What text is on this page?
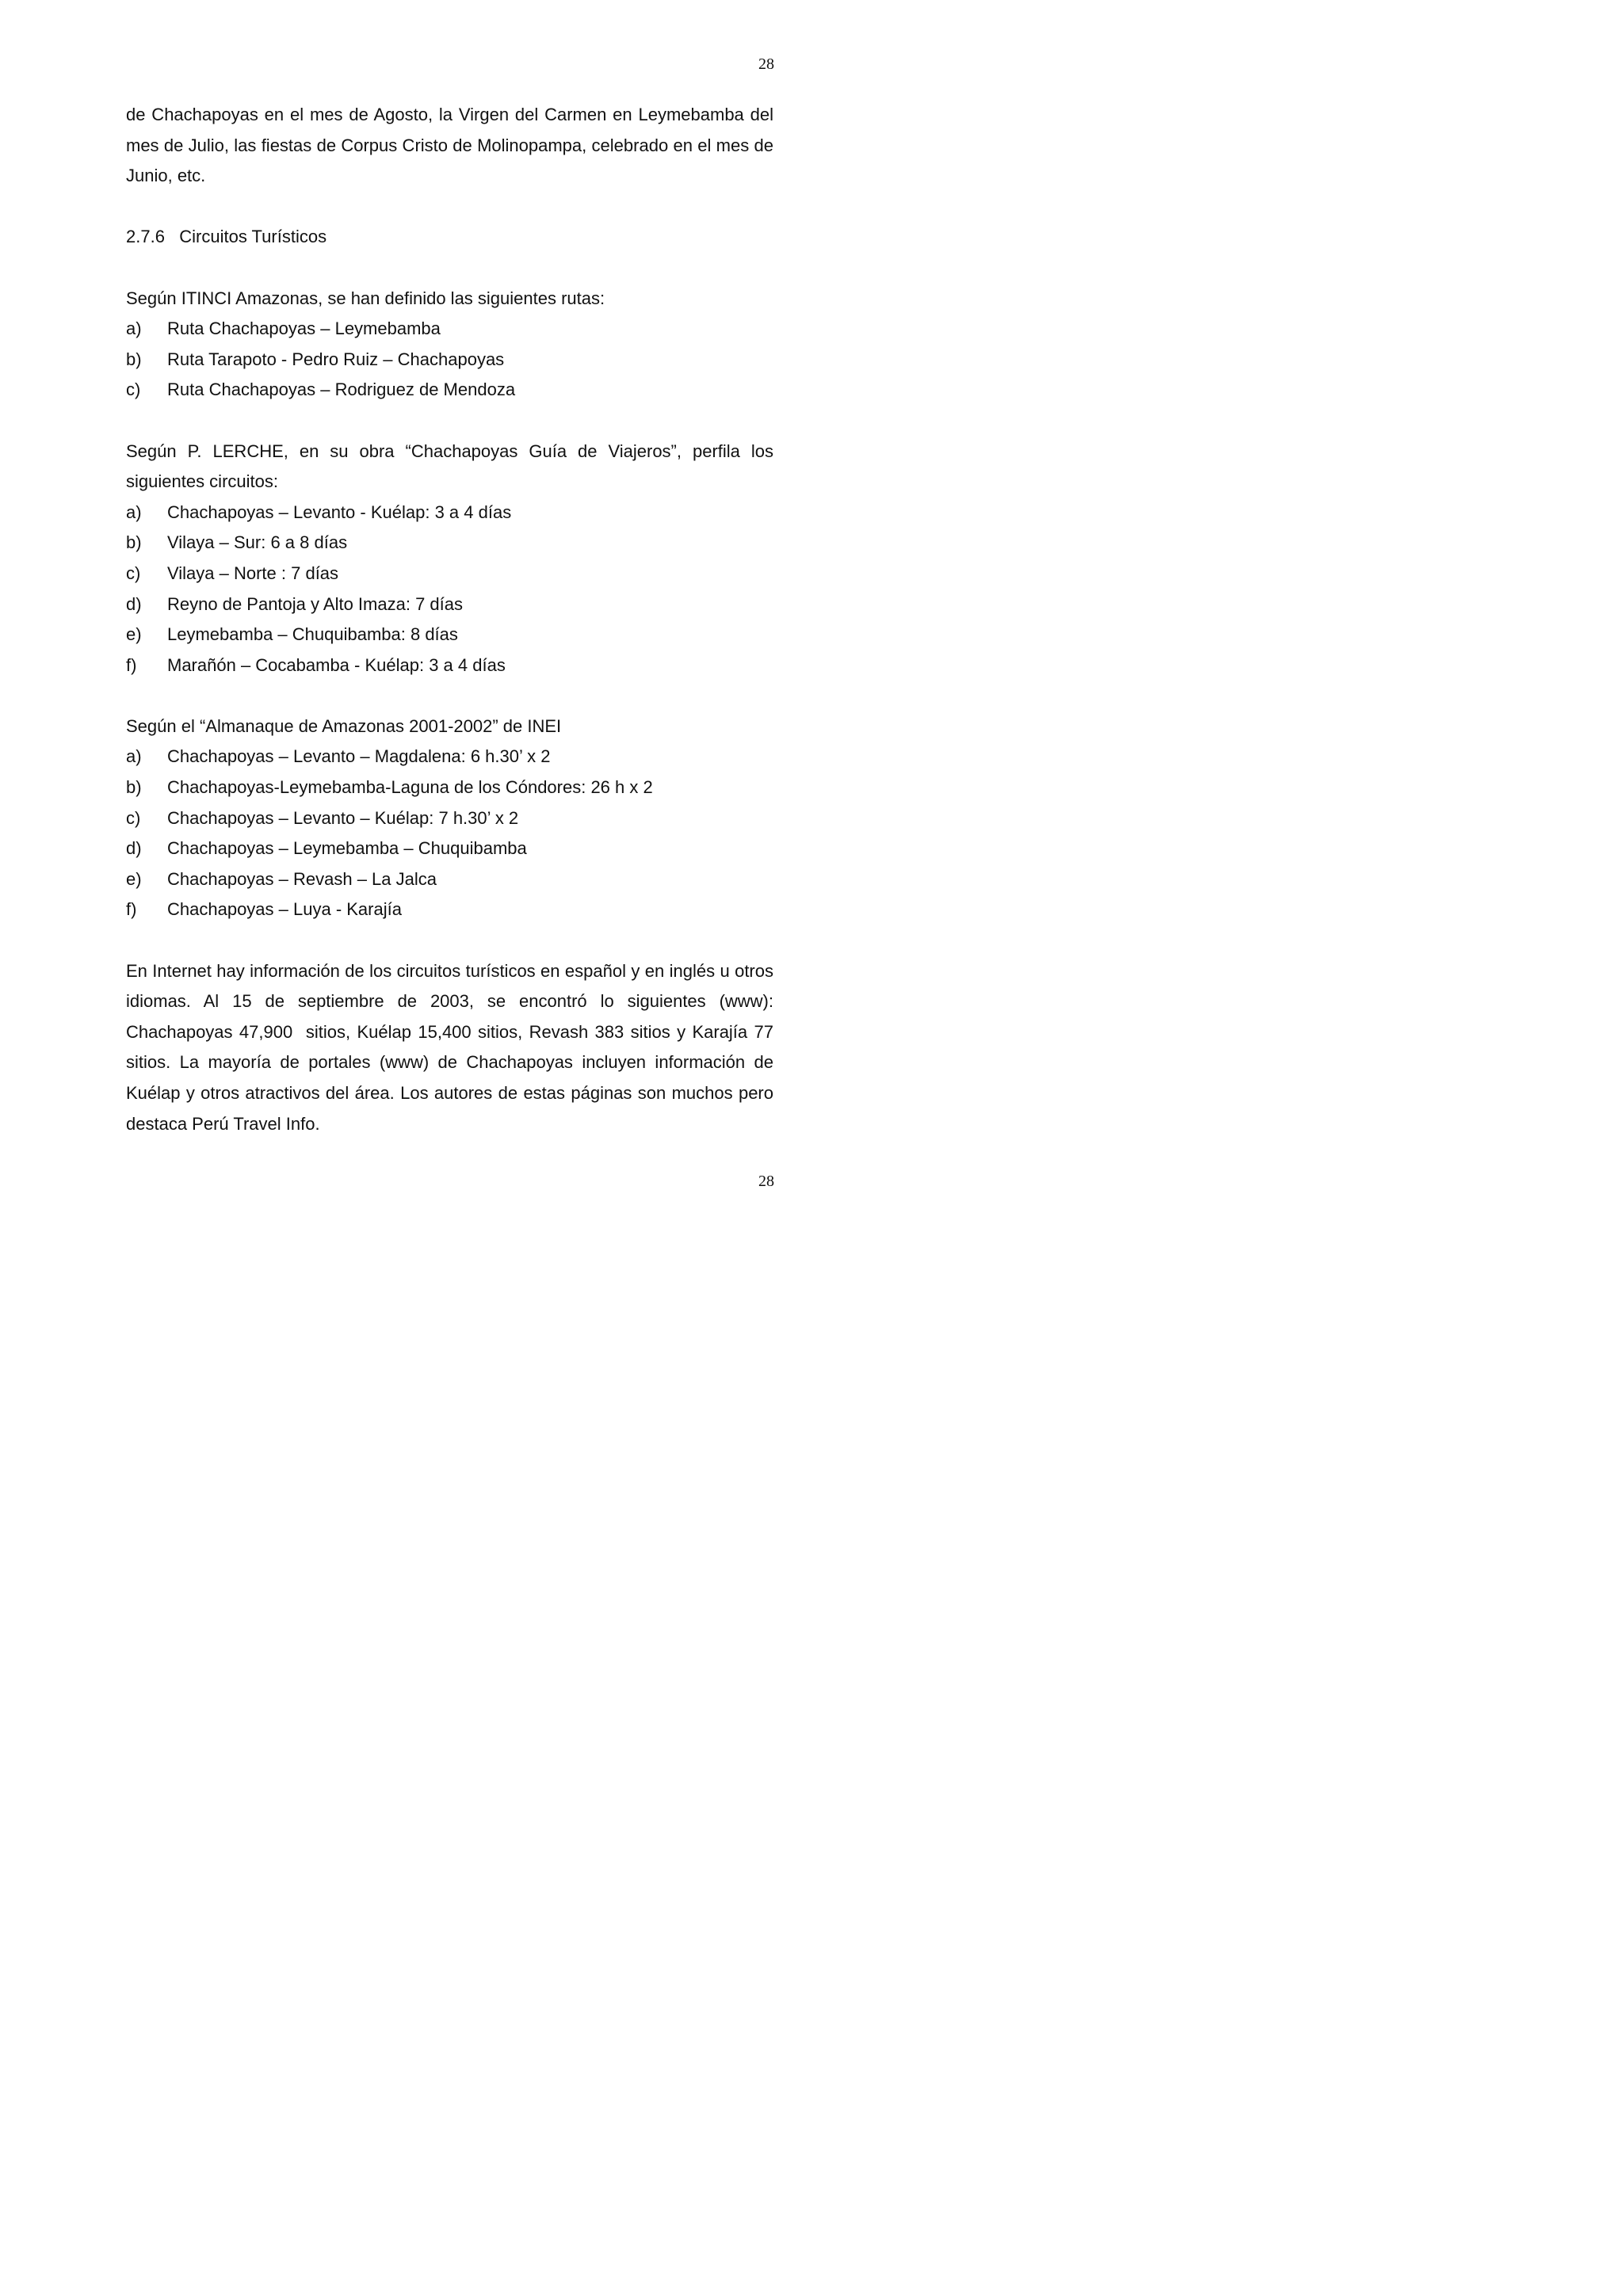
28

de Chachapoyas en el mes de Agosto, la Virgen del Carmen en Leymebamba del mes de Julio, las fiestas de Corpus Cristo de Molinopampa, celebrado en el mes de Junio, etc.

2.7.6   Circuitos Turísticos

Según ITINCI Amazonas, se han definido las siguientes rutas:

a)	Ruta Chachapoyas – Leymebamba
b)	Ruta Tarapoto - Pedro Ruiz – Chachapoyas
c)	Ruta Chachapoyas – Rodriguez de Mendoza

Según P. LERCHE, en su obra “Chachapoyas Guía de Viajeros”, perfila los siguientes circuitos:

a)	Chachapoyas – Levanto - Kuélap: 3 a 4 días
b)	Vilaya – Sur: 6 a 8 días
c)	Vilaya – Norte : 7 días
d)	Reyno de Pantoja y Alto Imaza: 7 días
e)	Leymebamba – Chuquibamba: 8 días
f)	Marañón – Cocabamba - Kuélap: 3 a 4 días

Según el “Almanaque de Amazonas 2001-2002” de INEI

a)	Chachapoyas – Levanto – Magdalena: 6 h.30’ x 2
b)	Chachapoyas-Leymebamba-Laguna de los Cóndores: 26 h x 2
c)	Chachapoyas – Levanto – Kuélap: 7 h.30’ x 2
d)	Chachapoyas – Leymebamba – Chuquibamba
e)	Chachapoyas – Revash – La Jalca
f)	Chachapoyas – Luya - Karajía

En Internet hay información de los circuitos turísticos en español y en inglés u otros idiomas. Al 15 de septiembre de 2003, se encontró lo siguientes (www): Chachapoyas 47,900  sitios, Kuélap 15,400 sitios, Revash 383 sitios y Karajía 77 sitios. La mayoría de portales (www) de Chachapoyas incluyen información de Kuélap y otros atractivos del área. Los autores de estas páginas son muchos pero destaca Perú Travel Info.

28
